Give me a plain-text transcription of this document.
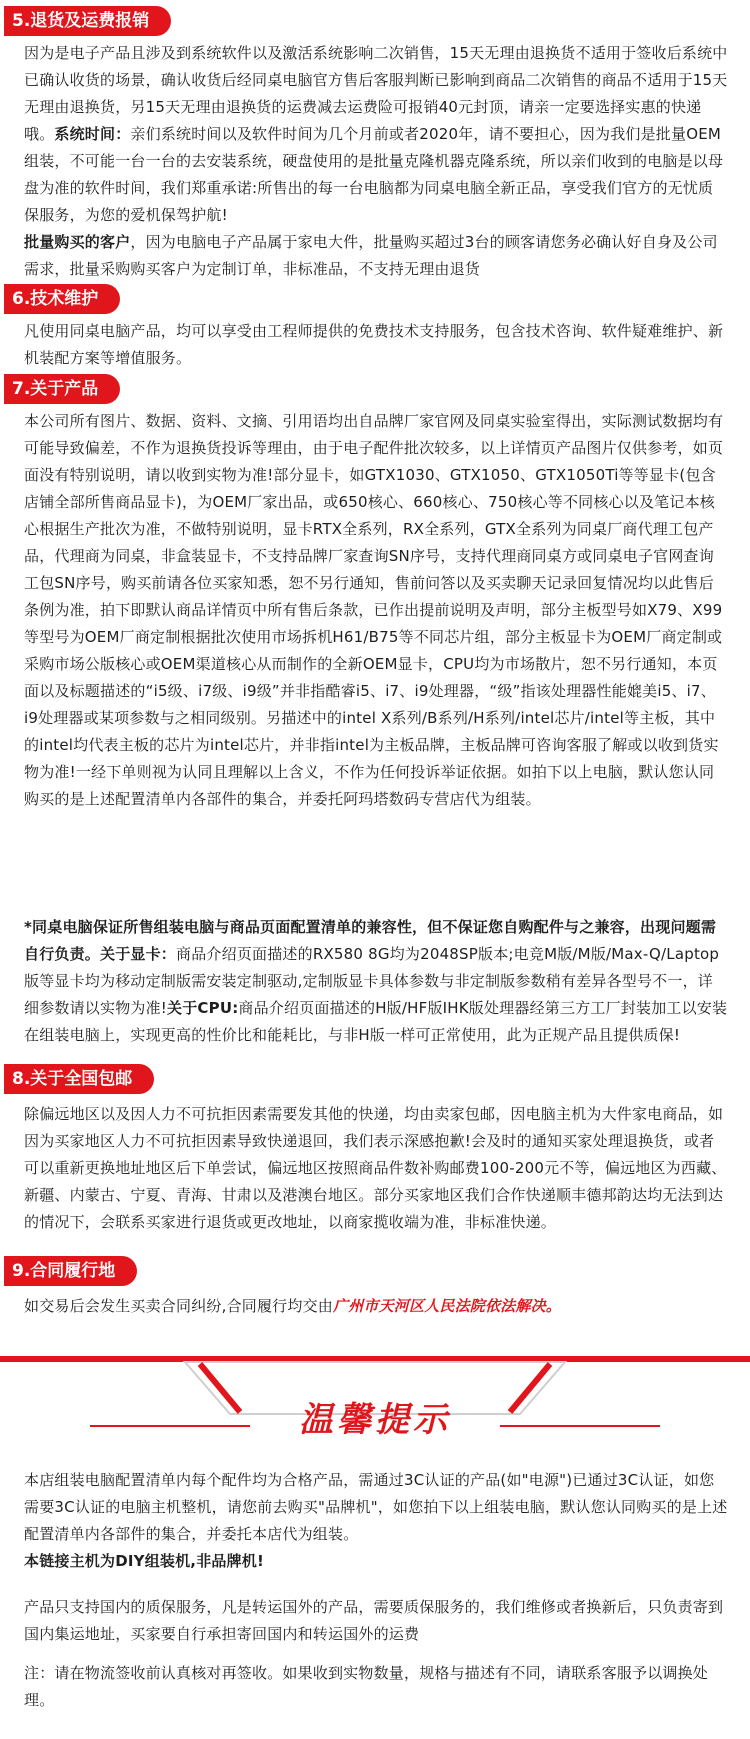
5.退货及运费报销

因为是电子产品且涉及到系统软件以及激活系统影响二次销售，15天无理由退换货不适用于签收后系统中已确认收货的场景，确认收货后经同桌电脑官方售后客服判断已影响到商品二次销售的商品不适用于15天无理由退换货，另15天无理由退换货的运费减去运费险可报销40元封顶，请亲一定要选择实惠的快递哦。系统时间：亲们系统时间以及软件时间为几个月前或者2020年，请不要担心，因为我们是批量OEM组装，不可能一台一台的去安装系统，硬盘使用的是批量克隆机器克隆系统，所以亲们收到的电脑是以母盘为准的软件时间，我们郑重承诺:所售出的每一台电脑都为同桌电脑全新正品，享受我们官方的无忧质保服务，为您的爱机保驾护航!

批量购买的客户，因为电脑电子产品属于家电大件，批量购买超过3台的顾客请您务必确认好自身及公司需求，批量采购购买客户为定制订单，非标准品，不支持无理由退货

6.技术维护

凡使用同桌电脑产品，均可以享受由工程师提供的免费技术支持服务，包含技术咨询、软件疑难维护、新机装配方案等增值服务。

7.关于产品

本公司所有图片、数据、资料、文摘、引用语均出自品牌厂家官网及同桌实验室得出，实际测试数据均有可能导致偏差，不作为退换货投诉等理由，由于电子配件批次较多，以上详情页产品图片仅供参考，如页面没有特别说明，请以收到实物为准!部分显卡，如GTX1030、GTX1050、GTX1050Ti等等显卡(包含店铺全部所售商品显卡)，为OEM厂家出品，或650核心、660核心、750核心等不同核心以及笔记本核心根据生产批次为准，不做特别说明，显卡RTX全系列，RX全系列，GTX全系列为同桌厂商代理工包产品，代理商为同桌，非盒装显卡，不支持品牌厂家查询SN序号，支持代理商同桌方或同桌电子官网查询工包SN序号，购买前请各位买家知悉，恕不另行通知，售前问答以及买卖聊天记录回复情况均以此售后条例为准，拍下即默认商品详情页中所有售后条款，已作出提前说明及声明，部分主板型号如X79、X99等型号为OEM厂商定制根据批次使用市场拆机H61/B75等不同芯片组，部分主板显卡为OEM厂商定制或采购市场公版核心或OEM渠道核心从而制作的全新OEM显卡，CPU均为市场散片，恕不另行通知，本页面以及标题描述的“i5级、i7级、i9级”并非指酷睿i5、i7、i9处理器，“级”指该处理器性能媲美i5、i7、i9处理器或某项参数与之相同级别。另描述中的intel X系列/B系列/H系列/intel芯片/intel等主板，其中的intel均代表主板的芯片为intel芯片，并非指intel为主板品牌，主板品牌可咨询客服了解或以收到货实物为准!一经下单则视为认同且理解以上含义，不作为任何投诉举证依据。如拍下以上电脑，默认您认同购买的是上述配置清单内各部件的集合，并委托阿玛塔数码专营店代为组装。

*同桌电脑保证所售组装电脑与商品页面配置清单的兼容性，但不保证您自购配件与之兼容，出现问题需自行负责。关于显卡：商品介绍页面描述的RX580 8G均为2048SP版本;电竞M版/M版/Max-Q/Laptop版等显卡均为移动定制版需安装定制驱动,定制版显卡具体参数与非定制版参数稍有差异各型号不一，详细参数请以实物为准!关于CPU:商品介绍页面描述的H版/HF版IHK版处理器经第三方工厂封装加工以安装在组装电脑上，实现更高的性价比和能耗比，与非H版一样可正常使用，此为正规产品且提供质保!

8.关于全国包邮

除偏远地区以及因人力不可抗拒因素需要发其他的快递，均由卖家包邮，因电脑主机为大件家电商品，如因为买家地区人力不可抗拒因素导致快递退回，我们表示深感抱歉!会及时的通知买家处理退换货，或者可以重新更换地址地区后下单尝试，偏远地区按照商品件数补购邮费100-200元不等，偏远地区为西藏、新疆、内蒙古、宁夏、青海、甘肃以及港澳台地区。部分买家地区我们合作快递顺丰德邦韵达均无法到达的情况下，会联系买家进行退货或更改地址，以商家揽收端为准，非标准快递。

9.合同履行地

如交易后会发生买卖合同纠纷,合同履行均交由广州市天河区人民法院依法解决。

温馨提示

本店组装电脑配置清单内每个配件均为合格产品，需通过3C认证的产品(如"电源")已通过3C认证，如您需要3C认证的电脑主机整机，请您前去购买"品牌机"，如您拍下以上组装电脑，默认您认同购买的是上述配置清单内各部件的集合，并委托本店代为组装。

本链接主机为DIY组装机,非品牌机!

产品只支持国内的质保服务，凡是转运国外的产品，需要质保服务的，我们维修或者换新后，只负责寄到国内集运地址，买家要自行承担寄回国内和转运国外的运费

注：请在物流签收前认真核对再签收。如果收到实物数量，规格与描述有不同，请联系客服予以调换处理。
